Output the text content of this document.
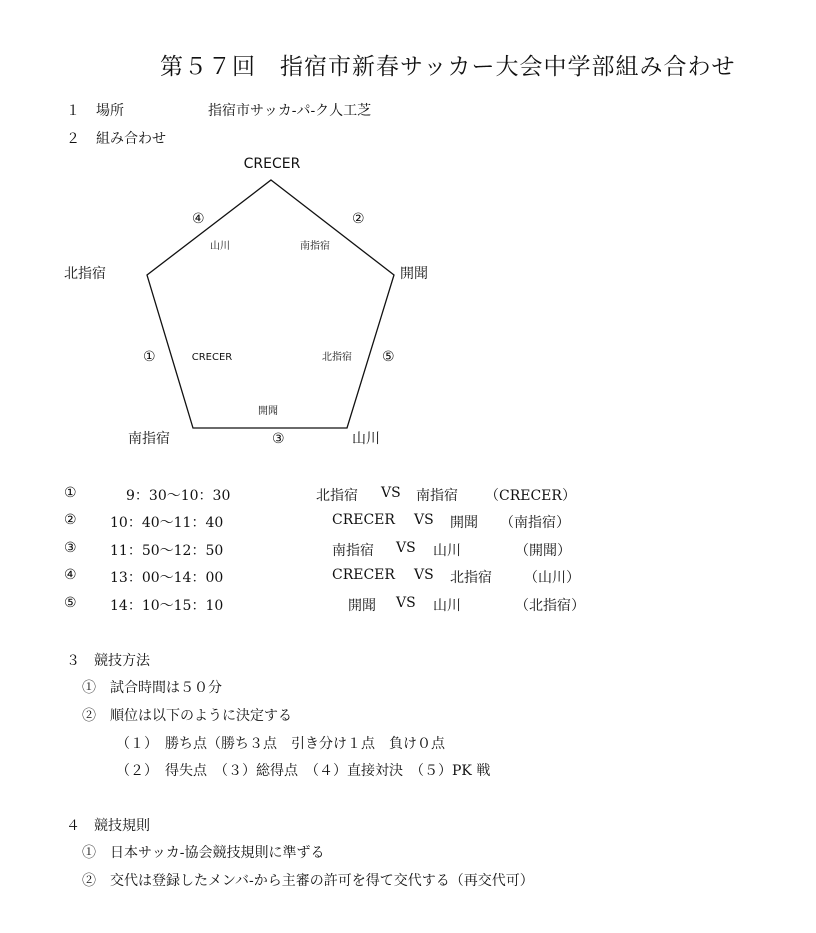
第５７回　指宿市新春サッカー大会中学部組み合わせ
１ 場所	指宿市サッカ-パ-ク人工芝
２ 組み合わせ
CRECER
開聞
山川
南指宿
北指宿
④
山川
②
南指宿
⑤
北指宿
③
開聞
①	CRECER
①	9：30～10：30	北指宿 VS 南指宿 （CRECER）
② 10：40～11：40	CRECER VS 開聞 （南指宿）
③ 11：50～12：50	南指宿 VS 山川	（開聞）
④ 13：00～14：00	CRECER VS 北指宿 （山川）
⑤ 14：10～15：10	開聞 VS 山川	（北指宿）
３　競技方法
①　試合時間は５０分
②　順位は以下のように決定する
（１）　勝ち点（勝ち３点　引き分け１点　負け０点
（２）　得失点　（３）総得点　（４）直接対決　（５）PK 戦
４　競技規則
①　日本サッカ-協会競技規則に準ずる
②　交代は登録したメンバ-から主審の許可を得て交代する（再交代可）
